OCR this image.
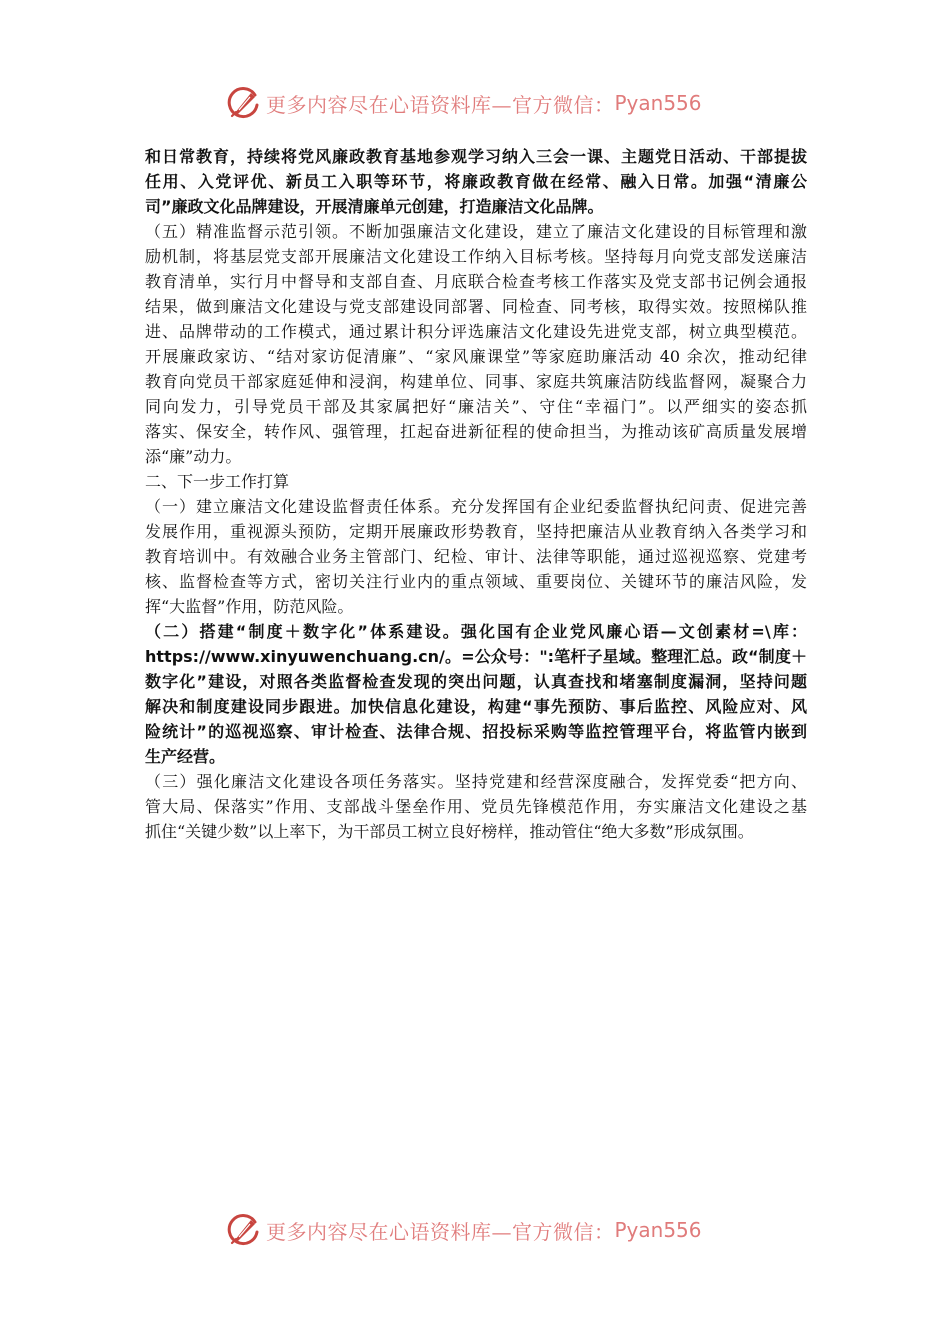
更多内容尽在心语资料库—官方微信： Pyan556
和日常教育，持续将党风廉政教育基地参观学习纳入三会一课、主题党日活动、干部提拔
任用、入党评优、新员工入职等环节，将廉政教育做在经常、融入日常。加强“清廉公
司”廉政文化品牌建设，开展清廉单元创建，打造廉洁文化品牌。
（五）精准监督示范引领。不断加强廉洁文化建设，建立了廉洁文化建设的目标管理和激
励机制，将基层党支部开展廉洁文化建设工作纳入目标考核。坚持每月向党支部发送廉洁
教育清单，实行月中督导和支部自查、月底联合检查考核工作落实及党支部书记例会通报
结果，做到廉洁文化建设与党支部建设同部署、同检查、同考核，取得实效。按照梯队推
进、品牌带动的工作模式，通过累计积分评选廉洁文化建设先进党支部，树立典型模范。
开展廉政家访、“结对家访促清廉”、“家风廉课堂”等家庭助廉活动 40 余次，推动纪律
教育向党员干部家庭延伸和浸润，构建单位、同事、家庭共筑廉洁防线监督网，凝聚合力
同向发力，引导党员干部及其家属把好“廉洁关”、守住“幸福门”。以严细实的姿态抓
落实、保安全，转作风、强管理，扛起奋进新征程的使命担当，为推动该矿高质量发展增
添“廉”动力。
二、下一步工作打算
（一）建立廉洁文化建设监督责任体系。充分发挥国有企业纪委监督执纪问责、促进完善
发展作用，重视源头预防，定期开展廉政形势教育，坚持把廉洁从业教育纳入各类学习和
教育培训中。有效融合业务主管部门、纪检、审计、法律等职能，通过巡视巡察、党建考
核、监督检查等方式，密切关注行业内的重点领域、重要岗位、关键环节的廉洁风险，发
挥“大监督”作用，防范风险。
（二）搭建“制度＋数字化”体系建设。强化国有企业党风廉心语—文创素材=\库：
https://www.xinyuwenchuang.cn/。=公众号：":笔杆子星域。整理汇总。政“制度＋
数字化”建设，对照各类监督检查发现的突出问题，认真查找和堵塞制度漏洞，坚持问题
解决和制度建设同步跟进。加快信息化建设，构建“事先预防、事后监控、风险应对、风
险统计”的巡视巡察、审计检查、法律合规、招投标采购等监控管理平台，将监管内嵌到
生产经营。
（三）强化廉洁文化建设各项任务落实。坚持党建和经营深度融合，发挥党委“把方向、
管大局、保落实”作用、支部战斗堡垒作用、党员先锋模范作用，夯实廉洁文化建设之基
抓住“关键少数”以上率下，为干部员工树立良好榜样，推动管住“绝大多数”形成氛围。
更多内容尽在心语资料库—官方微信： Pyan556
